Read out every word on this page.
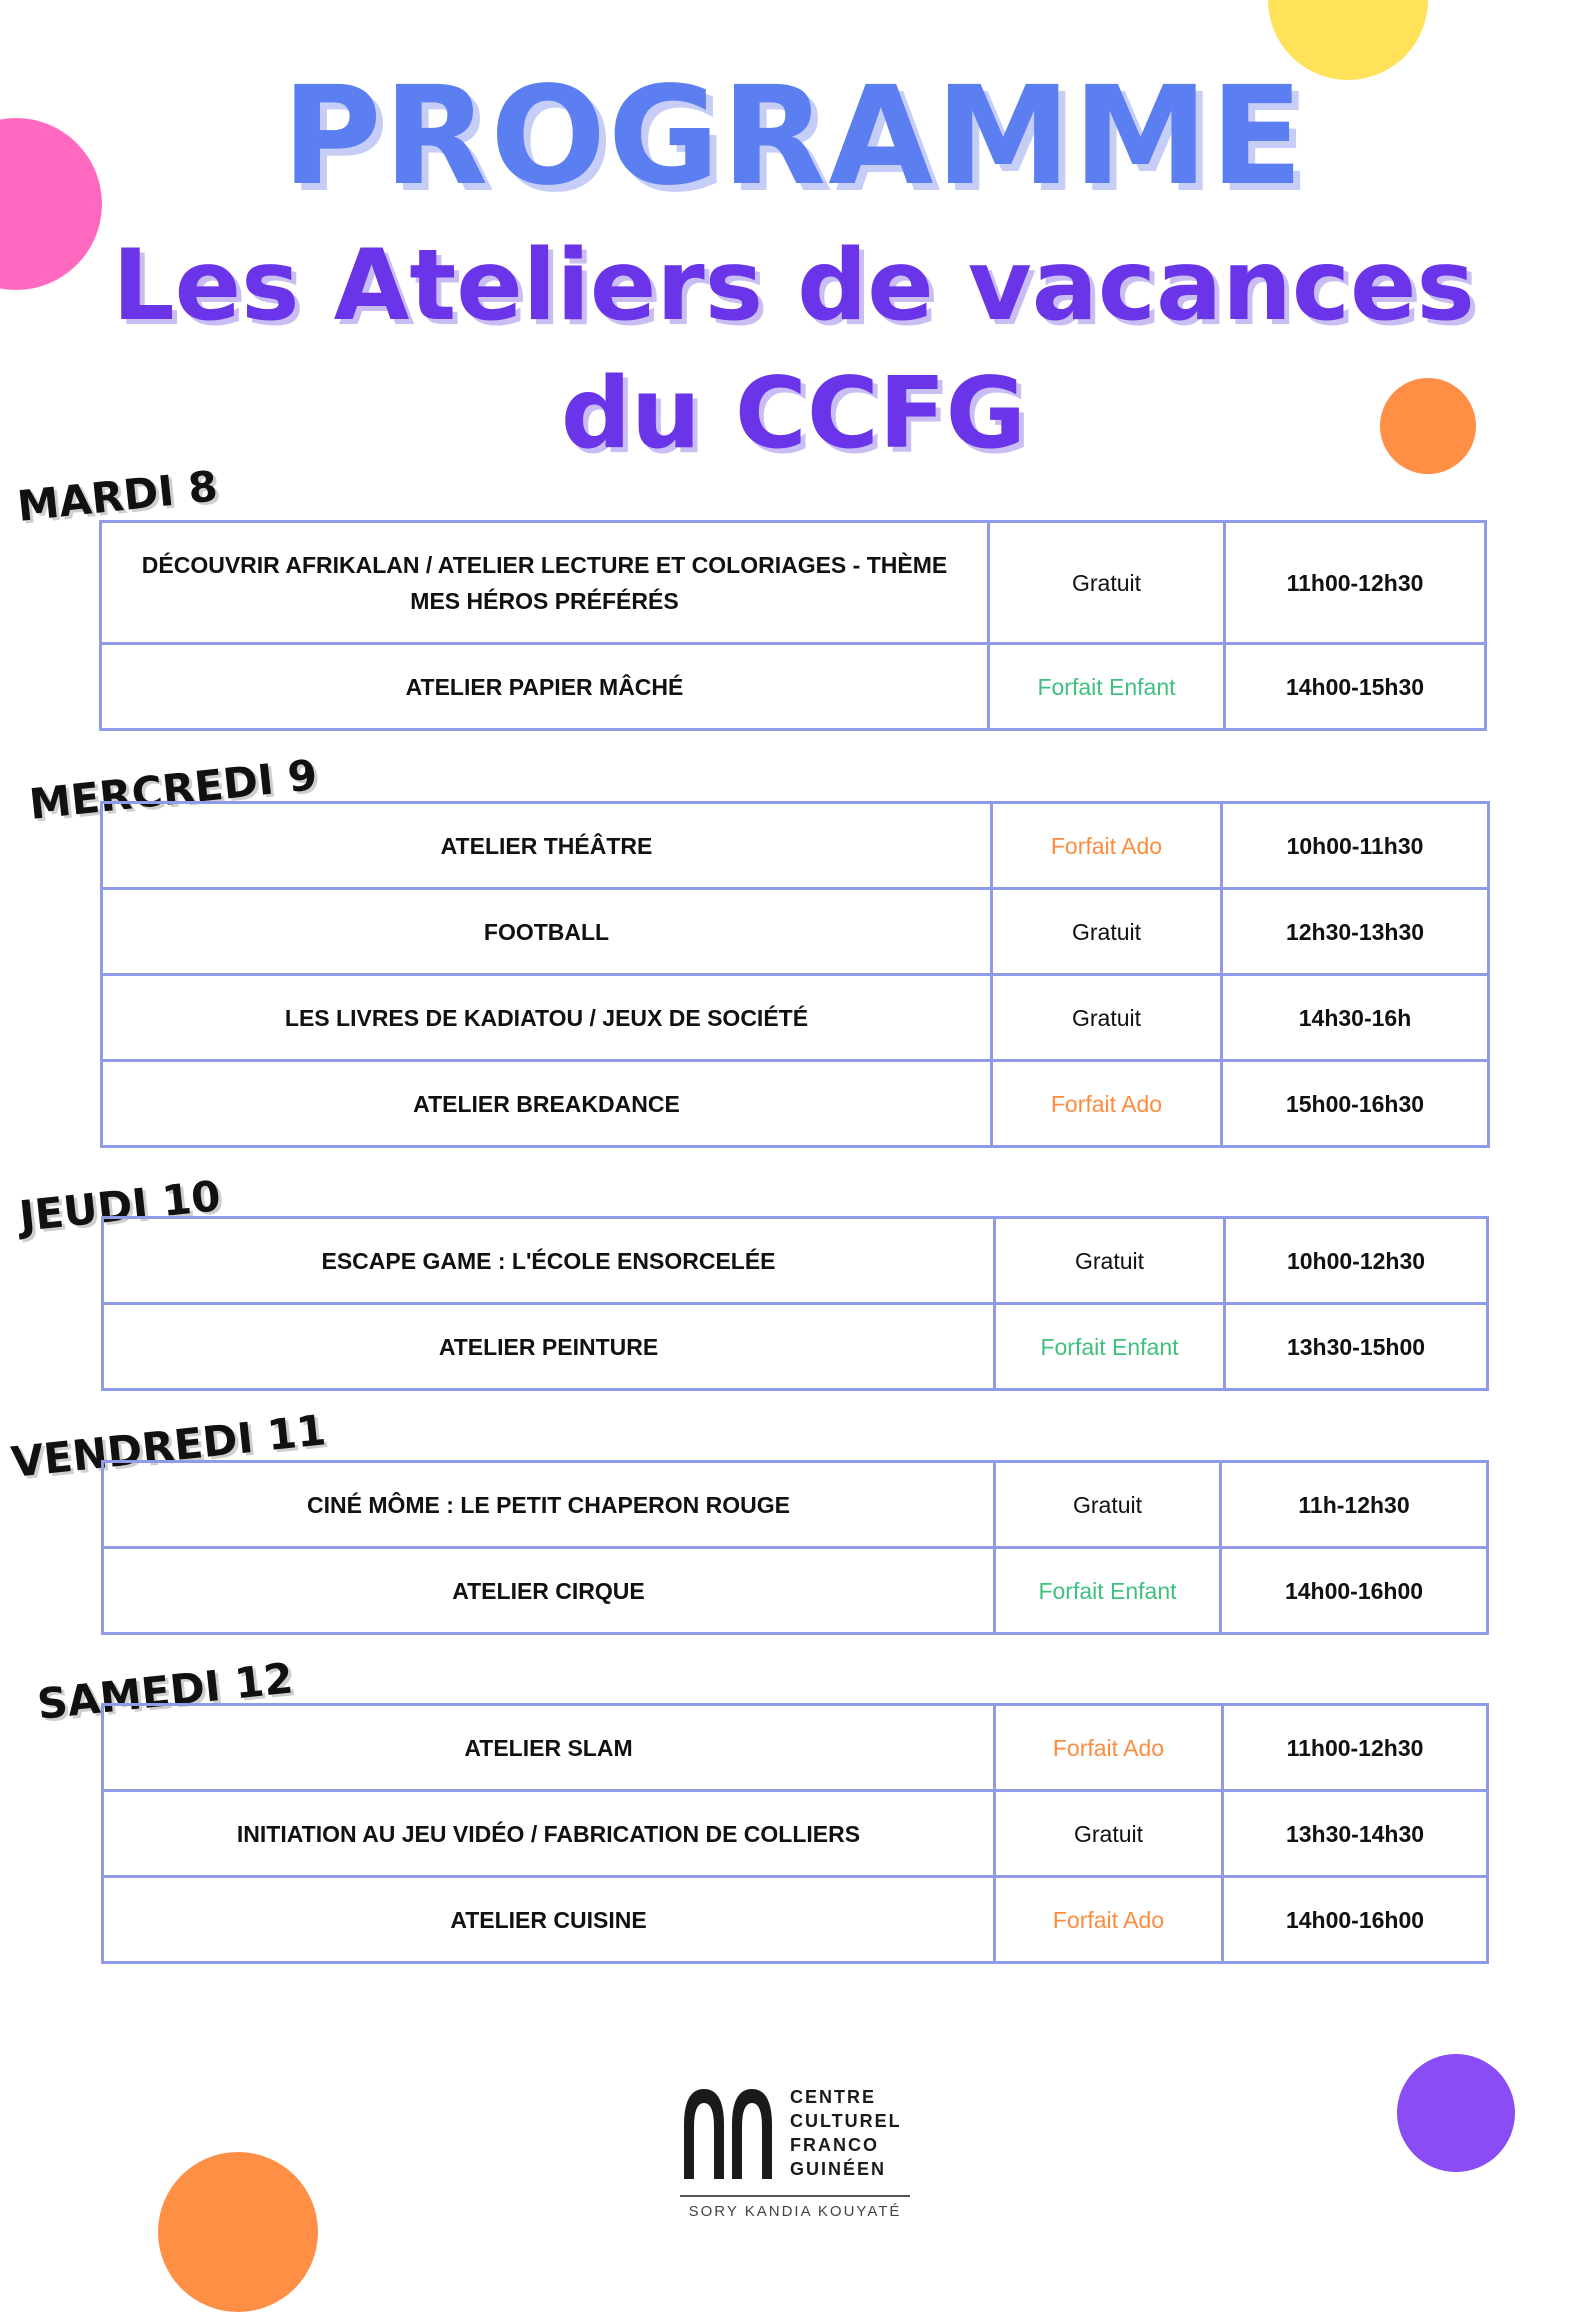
PROGRAMME
Les Ateliers de vacances
du CCFG
MARDI 8
DÉCOUVRIR AFRIKALAN / ATELIER LECTURE ET COLORIAGES - THÈME MES HÉROS PRÉFÉRÉS	Gratuit	11h00-12h30
ATELIER PAPIER MÂCHÉ	Forfait Enfant	14h00-15h30
MERCREDI 9
ATELIER THÉÂTRE	Forfait Ado	10h00-11h30
FOOTBALL	Gratuit	12h30-13h30
LES LIVRES DE KADIATOU / JEUX DE SOCIÉTÉ	Gratuit	14h30-16h
ATELIER BREAKDANCE	Forfait Ado	15h00-16h30
JEUDI 10
ESCAPE GAME : L'ÉCOLE ENSORCELÉE	Gratuit	10h00-12h30
ATELIER PEINTURE	Forfait Enfant	13h30-15h00
VENDREDI 11
CINÉ MÔME : LE PETIT CHAPERON ROUGE	Gratuit	11h-12h30
ATELIER CIRQUE	Forfait Enfant	14h00-16h00
SAMEDI 12
ATELIER SLAM	Forfait Ado	11h00-12h30
INITIATION AU JEU VIDÉO / FABRICATION DE COLLIERS	Gratuit	13h30-14h30
ATELIER CUISINE	Forfait Ado	14h00-16h00
CENTRE
CULTUREL
FRANCO
GUINÉEN
SORY KANDIA KOUYATÉ
